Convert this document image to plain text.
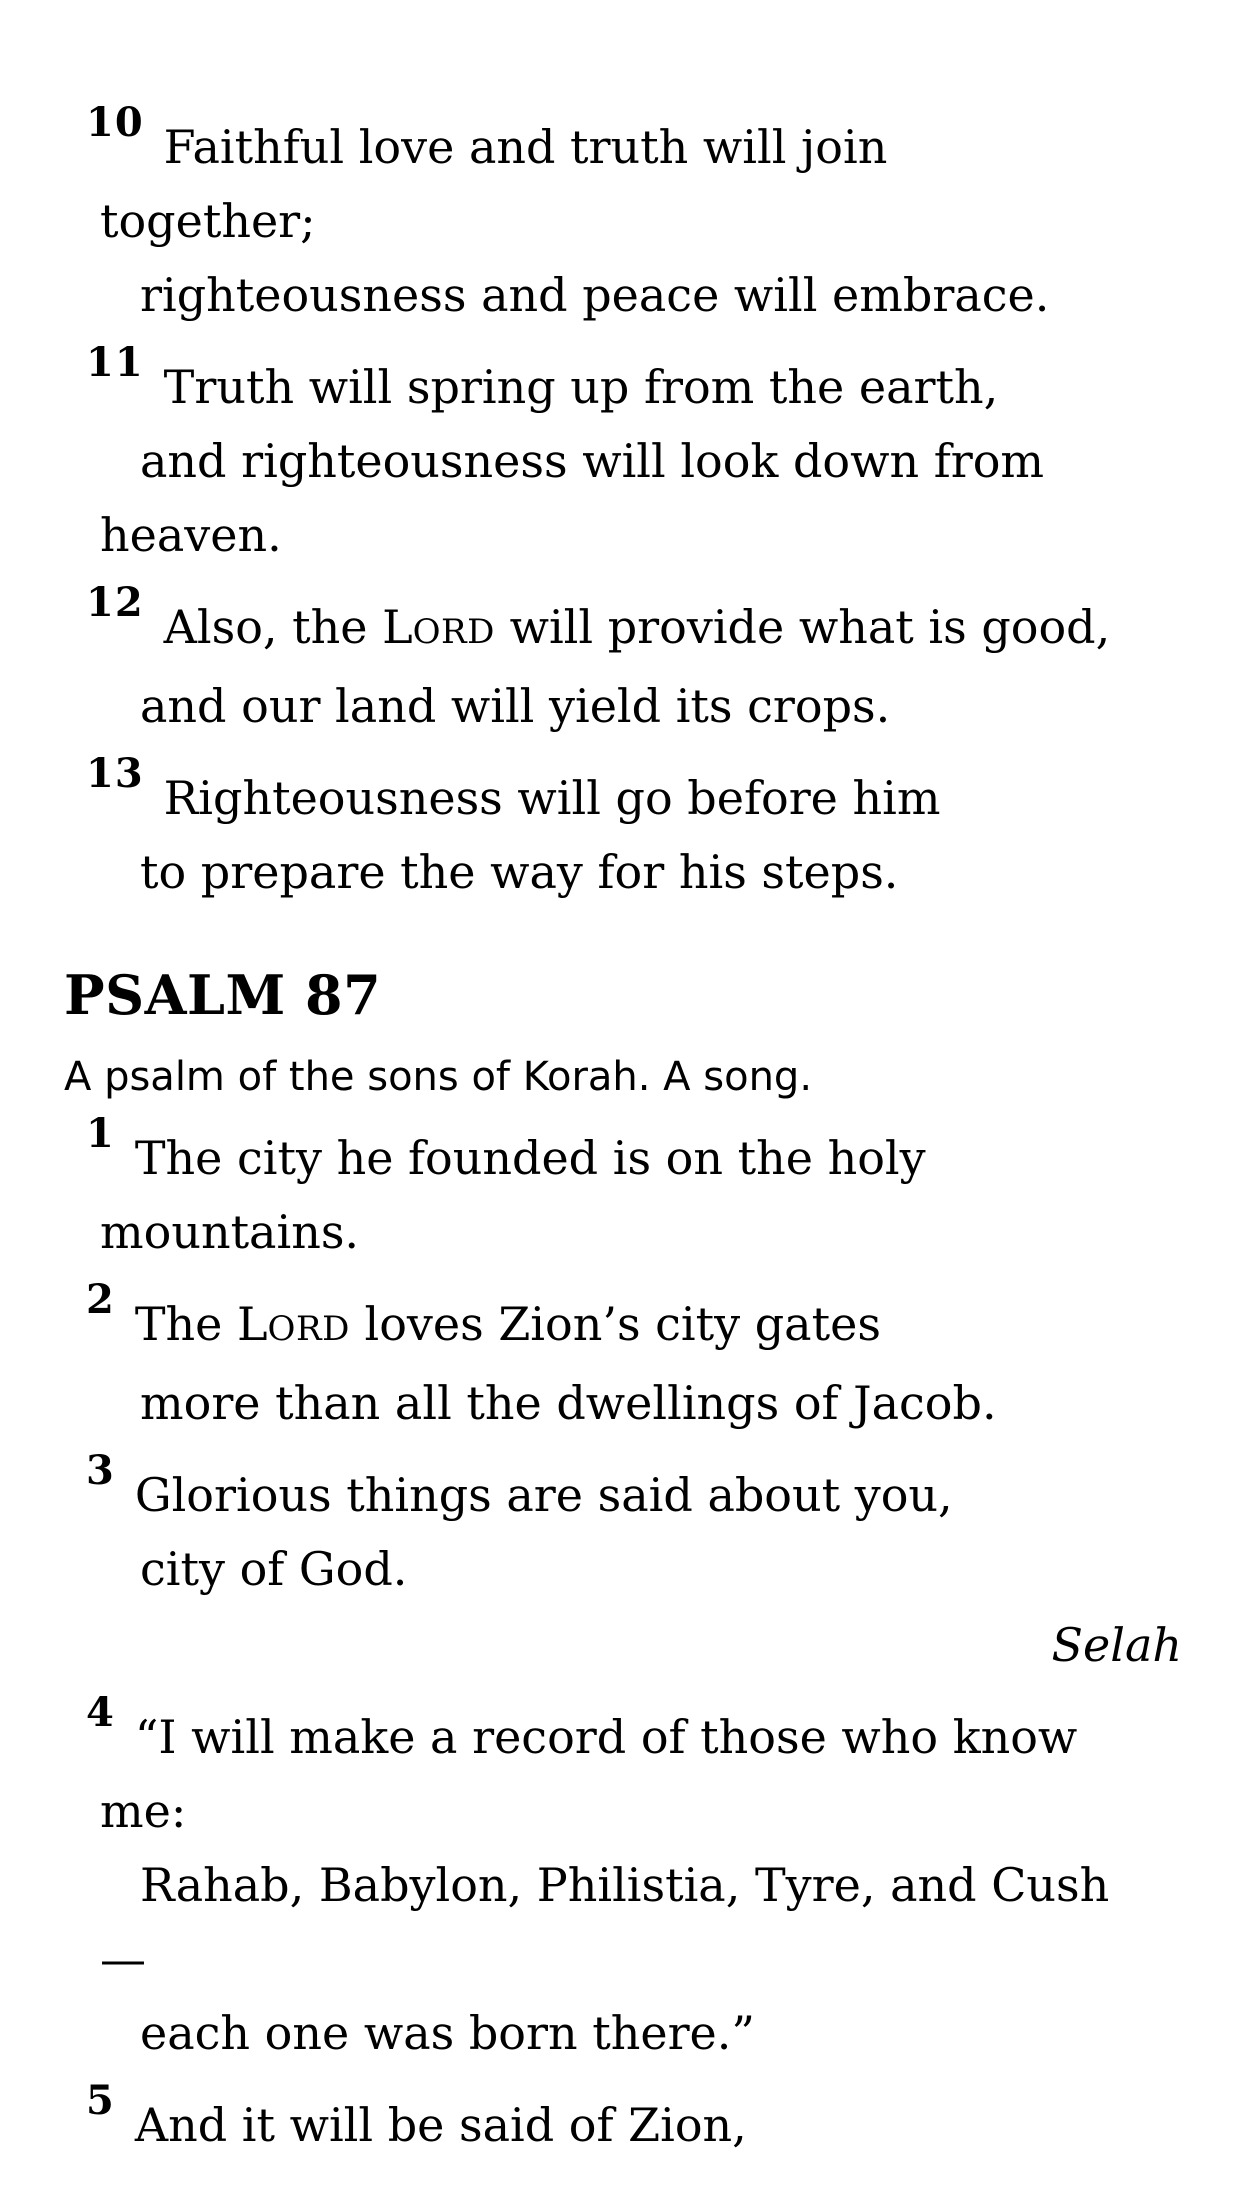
10 Faithful love and truth will join
together;
righteousness and peace will embrace.
11 Truth will spring up from the earth,
and righteousness will look down from
heaven.
12 Also, the LORD will provide what is good,
and our land will yield its crops.
13 Righteousness will go before him
to prepare the way for his steps.
PSALM 87
A psalm of the sons of Korah. A song.
1 The city he founded is on the holy
mountains.
2 The LORD loves Zion’s city gates
more than all the dwellings of Jacob.
3 Glorious things are said about you,
city of God.
Selah
4 “I will make a record of those who know
me:
Rahab, Babylon, Philistia, Tyre, and Cush
—
each one was born there.”
5 And it will be said of Zion,
